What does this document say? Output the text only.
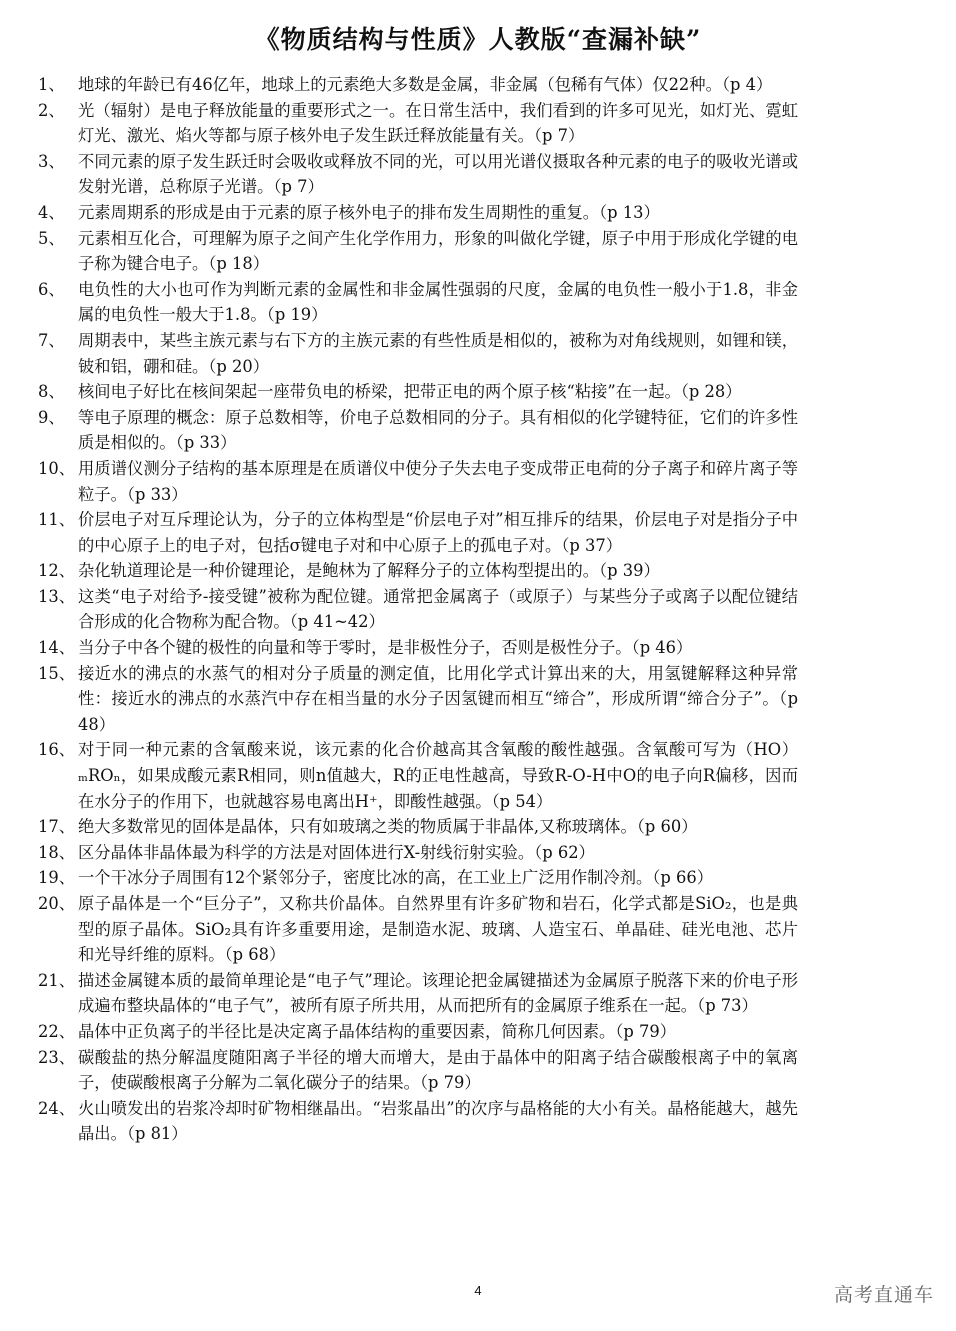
《物质结构与性质》人教版“查漏补缺”
1、 地球的年龄已有46亿年，地球上的元素绝大多数是金属，非金属（包稀有气体）仅22种。（p 4）
2、 光（辐射）是电子释放能量的重要形式之一。在日常生活中，我们看到的许多可见光，如灯光、霓虹灯光、激光、焰火等都与原子核外电子发生跃迁释放能量有关。（p 7）
3、 不同元素的原子发生跃迁时会吸收或释放不同的光，可以用光谱仪摄取各种元素的电子的吸收光谱或发射光谱，总称原子光谱。（p 7）
4、 元素周期系的形成是由于元素的原子核外电子的排布发生周期性的重复。（p 13）
5、 元素相互化合，可理解为原子之间产生化学作用力，形象的叫做化学键，原子中用于形成化学键的电子称为键合电子。（p 18）
6、 电负性的大小也可作为判断元素的金属性和非金属性强弱的尺度，金属的电负性一般小于1.8，非金属的电负性一般大于1.8。（p 19）
7、 周期表中，某些主族元素与右下方的主族元素的有些性质是相似的，被称为对角线规则，如锂和镁，铍和铝，硼和硅。（p 20）
8、 核间电子好比在核间架起一座带负电的桥梁，把带正电的两个原子核“粘接”在一起。（p 28）
9、 等电子原理的概念：原子总数相等，价电子总数相同的分子。具有相似的化学键特征，它们的许多性质是相似的。（p 33）
10、 用质谱仪测分子结构的基本原理是在质谱仪中使分子失去电子变成带正电荷的分子离子和碎片离子等粒子。（p 33）
11、 价层电子对互斥理论认为，分子的立体构型是“价层电子对”相互排斥的结果，价层电子对是指分子中的中心原子上的电子对，包括σ键电子对和中心原子上的孤电子对。（p 37）
12、 杂化轨道理论是一种价键理论，是鲍林为了解释分子的立体构型提出的。（p 39）
13、 这类“电子对给予-接受键”被称为配位键。通常把金属离子（或原子）与某些分子或离子以配位键结合形成的化合物称为配合物。（p 41~42）
14、 当分子中各个键的极性的向量和等于零时，是非极性分子，否则是极性分子。（p 46）
15、 接近水的沸点的水蒸气的相对分子质量的测定值，比用化学式计算出来的大，用氢键解释这种异常性：接近水的沸点的水蒸汽中存在相当量的水分子因氢键而相互“缔合”，形成所谓“缔合分子”。（p 48）
16、 对于同一种元素的含氧酸来说，该元素的化合价越高其含氧酸的酸性越强。含氧酸可写为（HO）ₘROₙ，如果成酸元素R相同，则n值越大，R的正电性越高，导致R-O-H中O的电子向R偏移，因而在水分子的作用下，也就越容易电离出H⁺，即酸性越强。（p 54）
17、 绝大多数常见的固体是晶体，只有如玻璃之类的物质属于非晶体,又称玻璃体。（p 60）
18、 区分晶体非晶体最为科学的方法是对固体进行X-射线衍射实验。（p 62）
19、 一个干冰分子周围有12个紧邻分子，密度比冰的高，在工业上广泛用作制冷剂。（p 66）
20、 原子晶体是一个“巨分子”，又称共价晶体。自然界里有许多矿物和岩石，化学式都是SiO₂，也是典型的原子晶体。SiO₂具有许多重要用途，是制造水泥、玻璃、人造宝石、单晶硅、硅光电池、芯片和光导纤维的原料。（p 68）
21、 描述金属键本质的最简单理论是“电子气”理论。该理论把金属键描述为金属原子脱落下来的价电子形成遍布整块晶体的“电子气”，被所有原子所共用，从而把所有的金属原子维系在一起。（p 73）
22、 晶体中正负离子的半径比是决定离子晶体结构的重要因素，简称几何因素。（p 79）
23、 碳酸盐的热分解温度随阳离子半径的增大而增大，是由于晶体中的阳离子结合碳酸根离子中的氧离子，使碳酸根离子分解为二氧化碳分子的结果。（p 79）
24、 火山喷发出的岩浆冷却时矿物相继晶出。“岩浆晶出”的次序与晶格能的大小有关。晶格能越大，越先晶出。（p 81）
4	高考直通车
